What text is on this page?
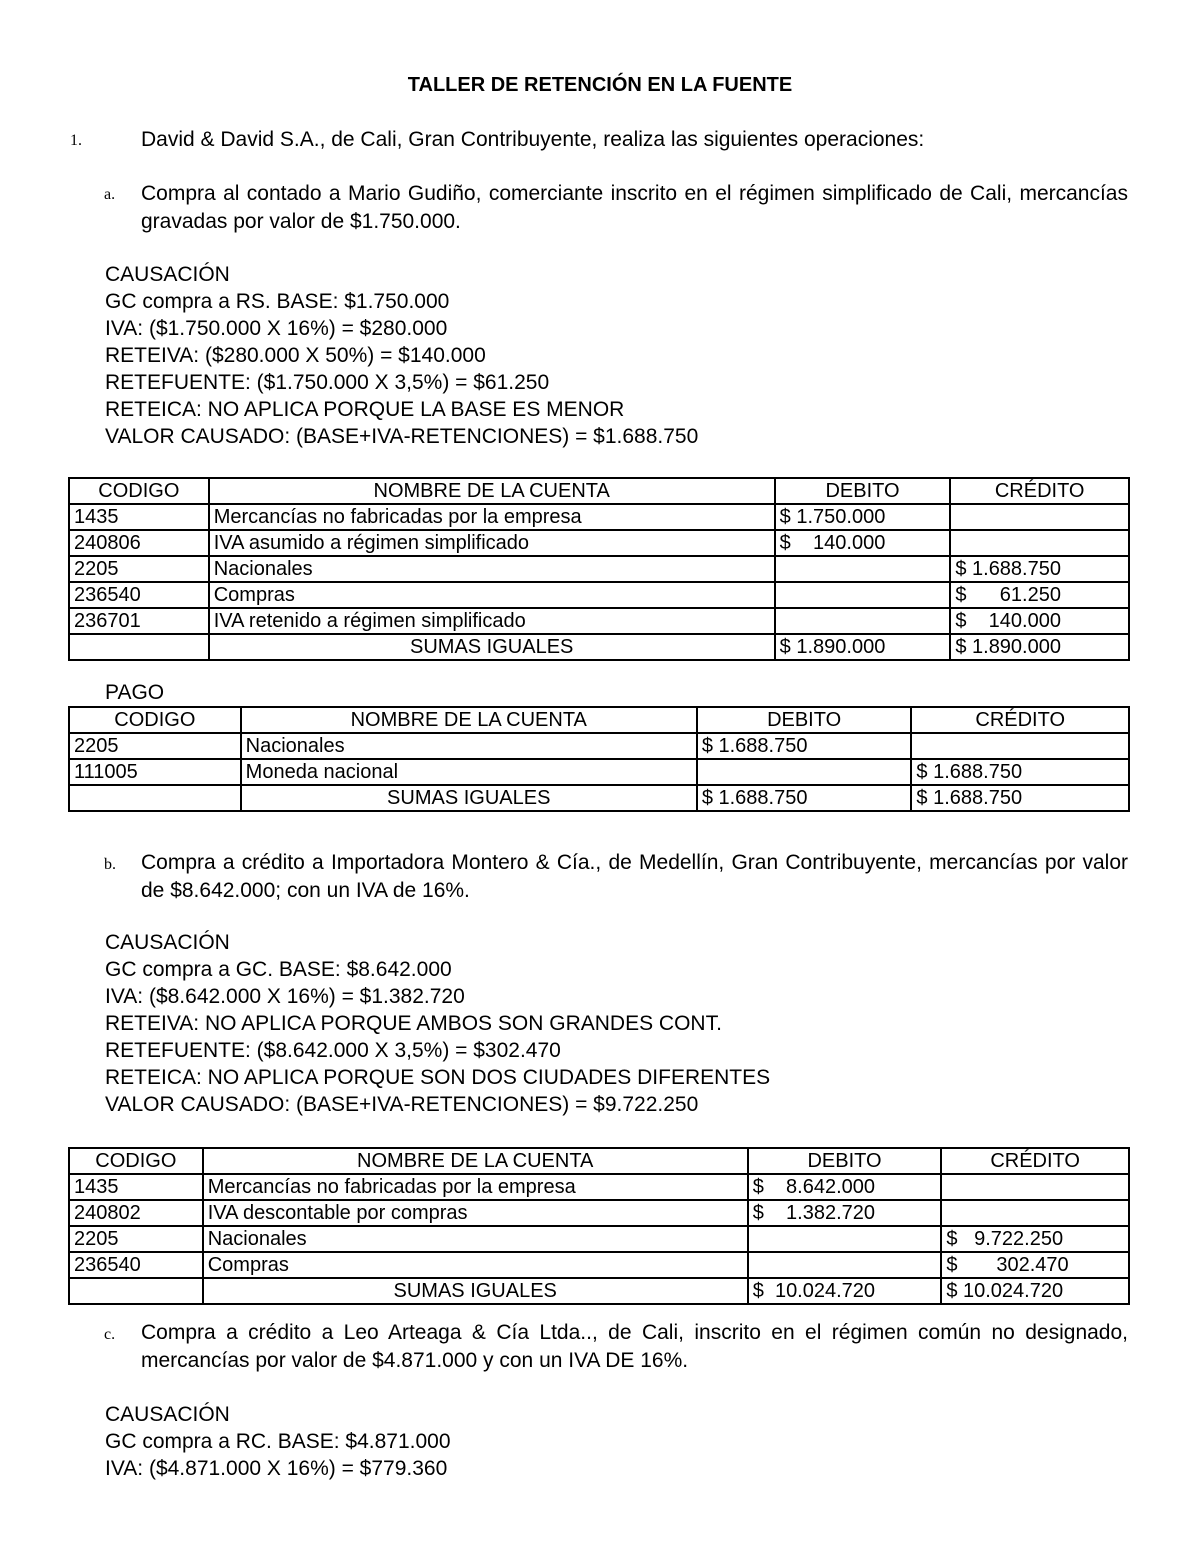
TALLER DE RETENCIÓN EN LA FUENTE
1.	David & David S.A., de Cali, Gran Contribuyente, realiza las siguientes operaciones:
a. Compra al contado a Mario Gudiño, comerciante inscrito en el régimen simplificado de Cali, mercancías gravadas por valor de $1.750.000.
CAUSACIÓN
GC compra a RS. BASE: $1.750.000
IVA: ($1.750.000 X 16%) = $280.000
RETEIVA: ($280.000 X 50%) = $140.000
RETEFUENTE: ($1.750.000 X 3,5%) = $61.250
RETEICA: NO APLICA PORQUE LA BASE ES MENOR
VALOR CAUSADO: (BASE+IVA-RETENCIONES) = $1.688.750
CODIGO	NOMBRE DE LA CUENTA	DEBITO	CRÉDITO
1435	Mercancías no fabricadas por la empresa	$ 1.750.000	
240806	IVA asumido a régimen simplificado	$    140.000	
2205	Nacionales		$ 1.688.750
236540	Compras		$      61.250
236701	IVA retenido a régimen simplificado		$    140.000
	SUMAS IGUALES	$ 1.890.000	$ 1.890.000
PAGO
CODIGO	NOMBRE DE LA CUENTA	DEBITO	CRÉDITO
2205	Nacionales	$ 1.688.750	
111005	Moneda nacional		$ 1.688.750
	SUMAS IGUALES	$ 1.688.750	$ 1.688.750
b. Compra a crédito a Importadora Montero & Cía., de Medellín, Gran Contribuyente, mercancías por valor de $8.642.000; con un IVA de 16%.
CAUSACIÓN
GC compra a GC. BASE: $8.642.000
IVA: ($8.642.000 X 16%) = $1.382.720
RETEIVA: NO APLICA PORQUE AMBOS SON GRANDES CONT.
RETEFUENTE: ($8.642.000 X 3,5%) = $302.470
RETEICA: NO APLICA PORQUE SON DOS CIUDADES DIFERENTES
VALOR CAUSADO: (BASE+IVA-RETENCIONES) = $9.722.250
CODIGO	NOMBRE DE LA CUENTA	DEBITO	CRÉDITO
1435	Mercancías no fabricadas por la empresa	$    8.642.000	
240802	IVA descontable por compras	$    1.382.720	
2205	Nacionales		$   9.722.250
236540	Compras		$       302.470
	SUMAS IGUALES	$  10.024.720	$ 10.024.720
c. Compra a crédito a Leo Arteaga & Cía Ltda.., de Cali, inscrito en el régimen común no designado, mercancías por valor de $4.871.000 y con un IVA DE 16%.
CAUSACIÓN
GC compra a RC. BASE: $4.871.000
IVA: ($4.871.000 X 16%) = $779.360
